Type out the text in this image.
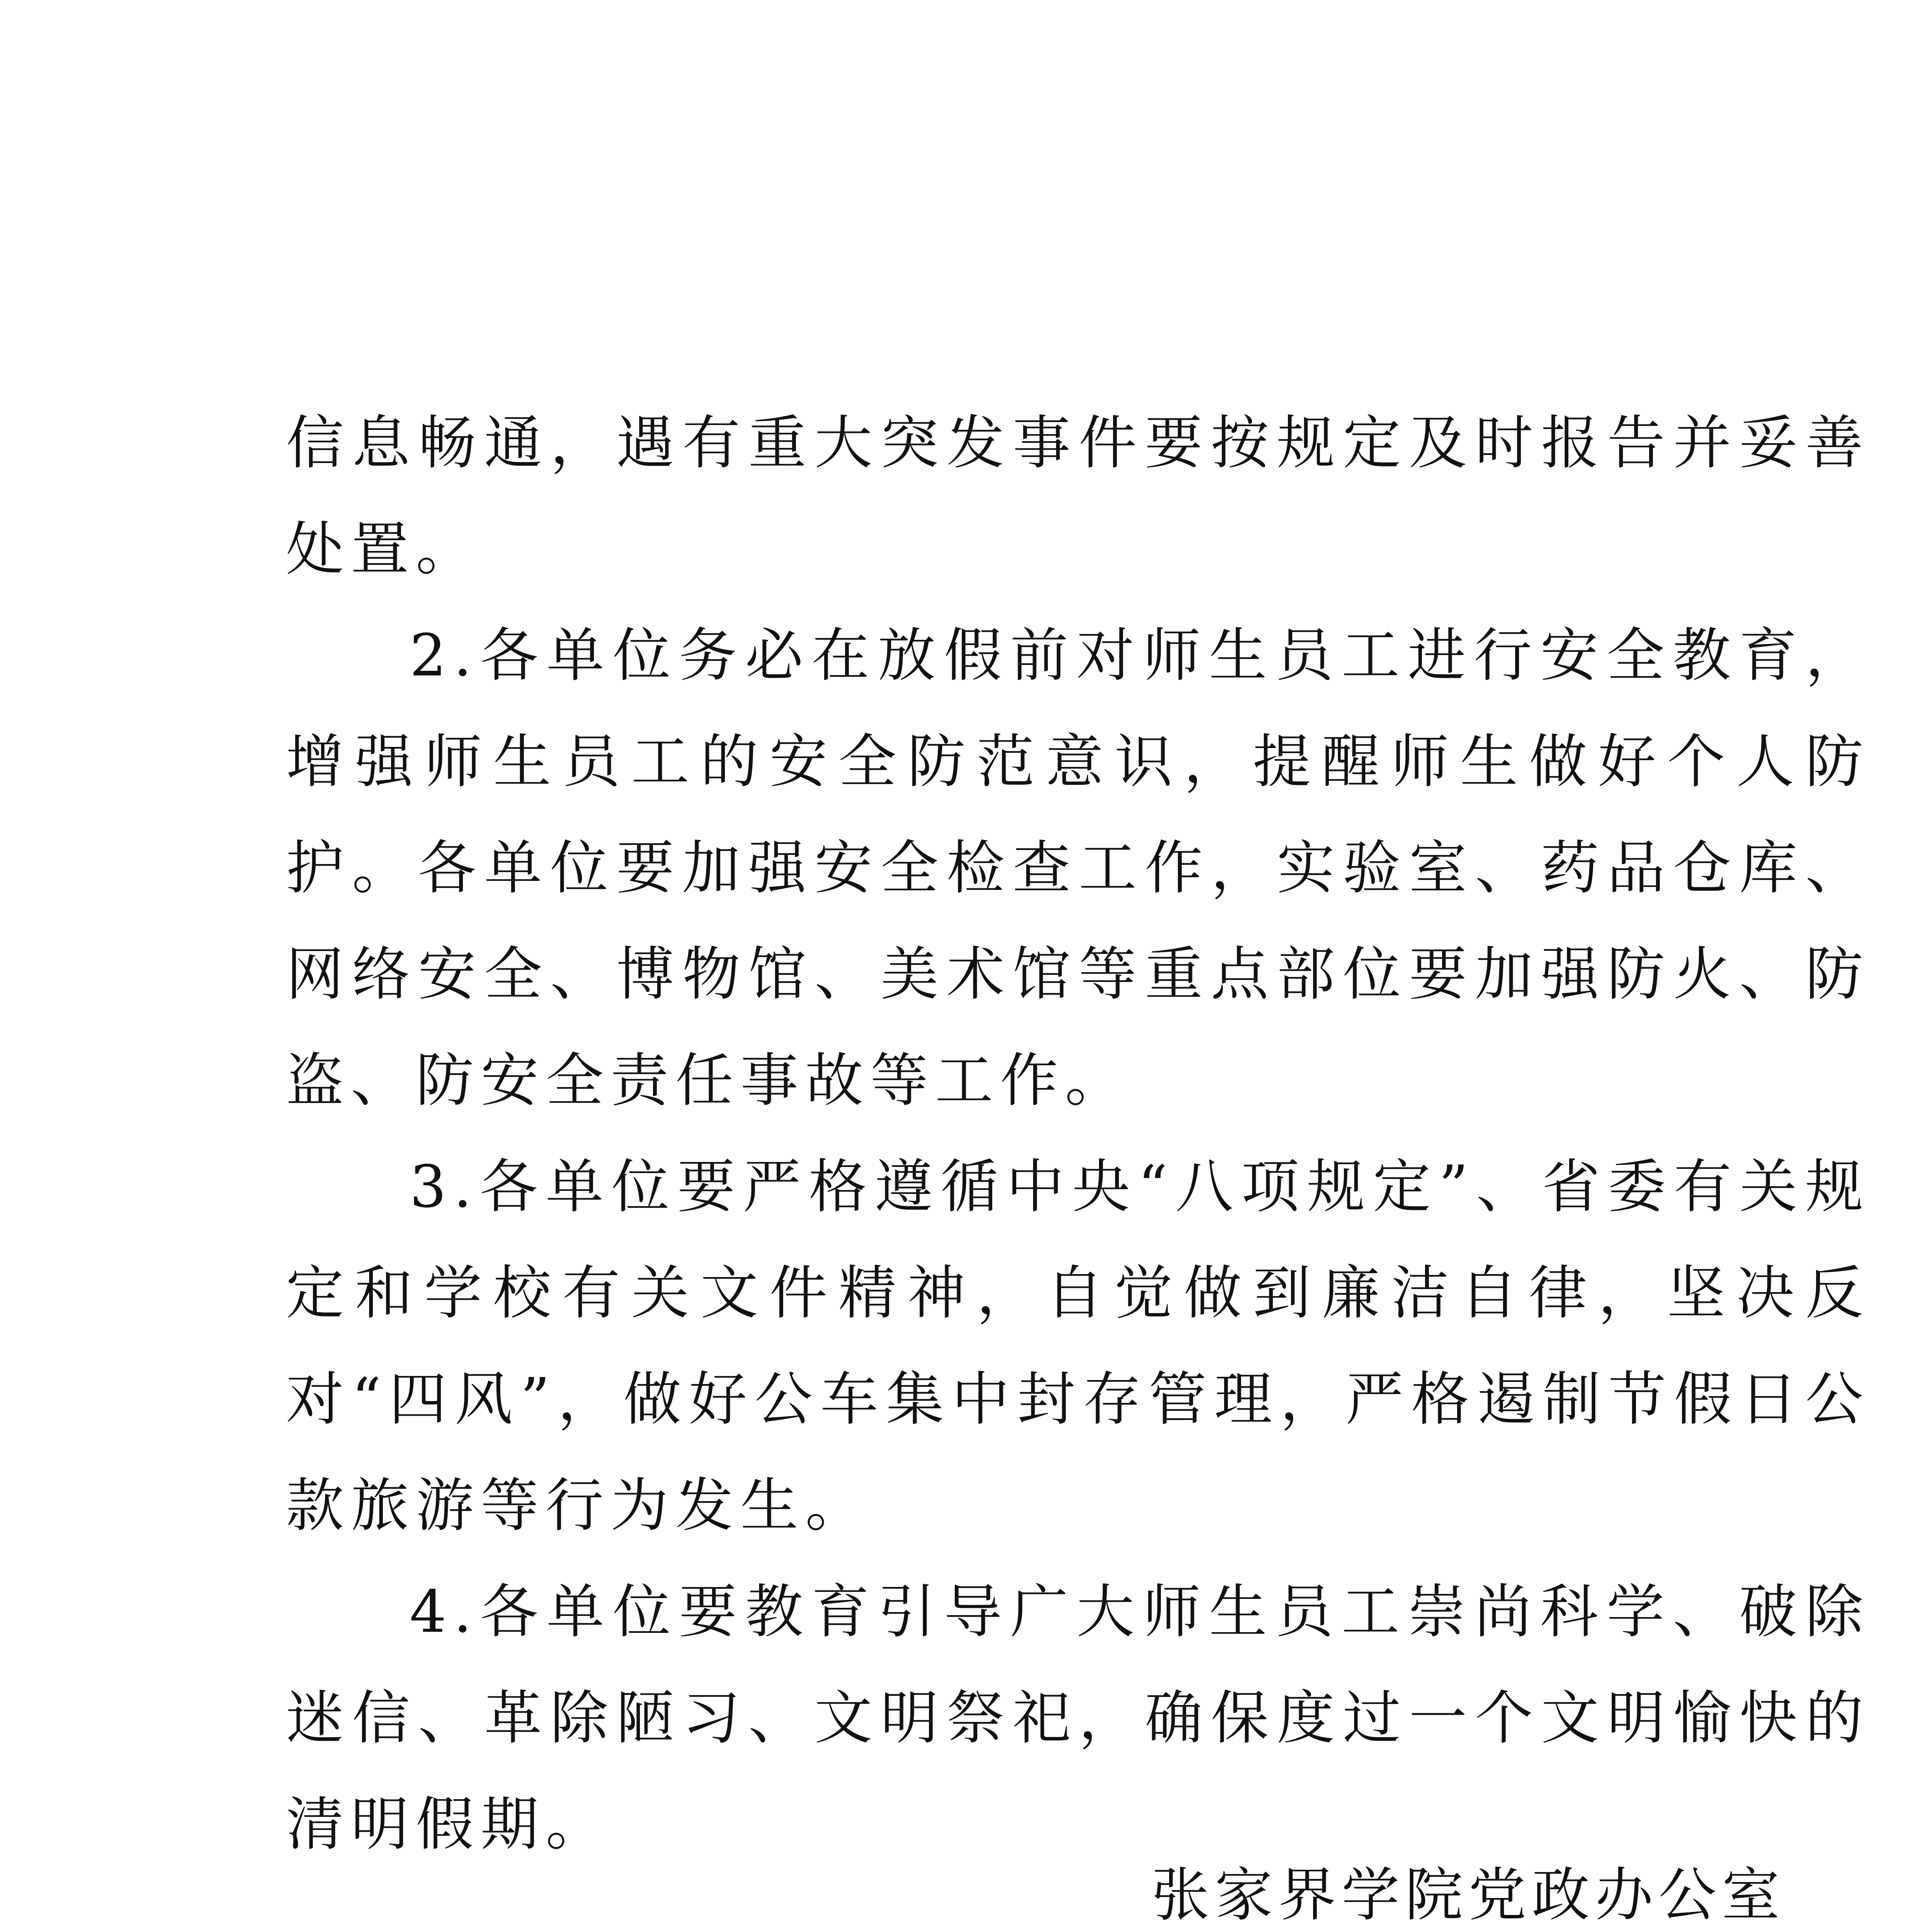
信息畅通，遇有重大突发事件要按规定及时报告并妥善处置。

2.各单位务必在放假前对师生员工进行安全教育，增强师生员工的安全防范意识，提醒师生做好个人防护。各单位要加强安全检查工作，实验室、药品仓库、网络安全、博物馆、美术馆等重点部位要加强防火、防盗、防安全责任事故等工作。

3.各单位要严格遵循中央“八项规定”、省委有关规定和学校有关文件精神，自觉做到廉洁自律，坚决反对“四风”，做好公车集中封存管理，严格遏制节假日公款旅游等行为发生。

4.各单位要教育引导广大师生员工崇尚科学、破除迷信、革除陋习、文明祭祀，确保度过一个文明愉快的清明假期。

张家界学院党政办公室
